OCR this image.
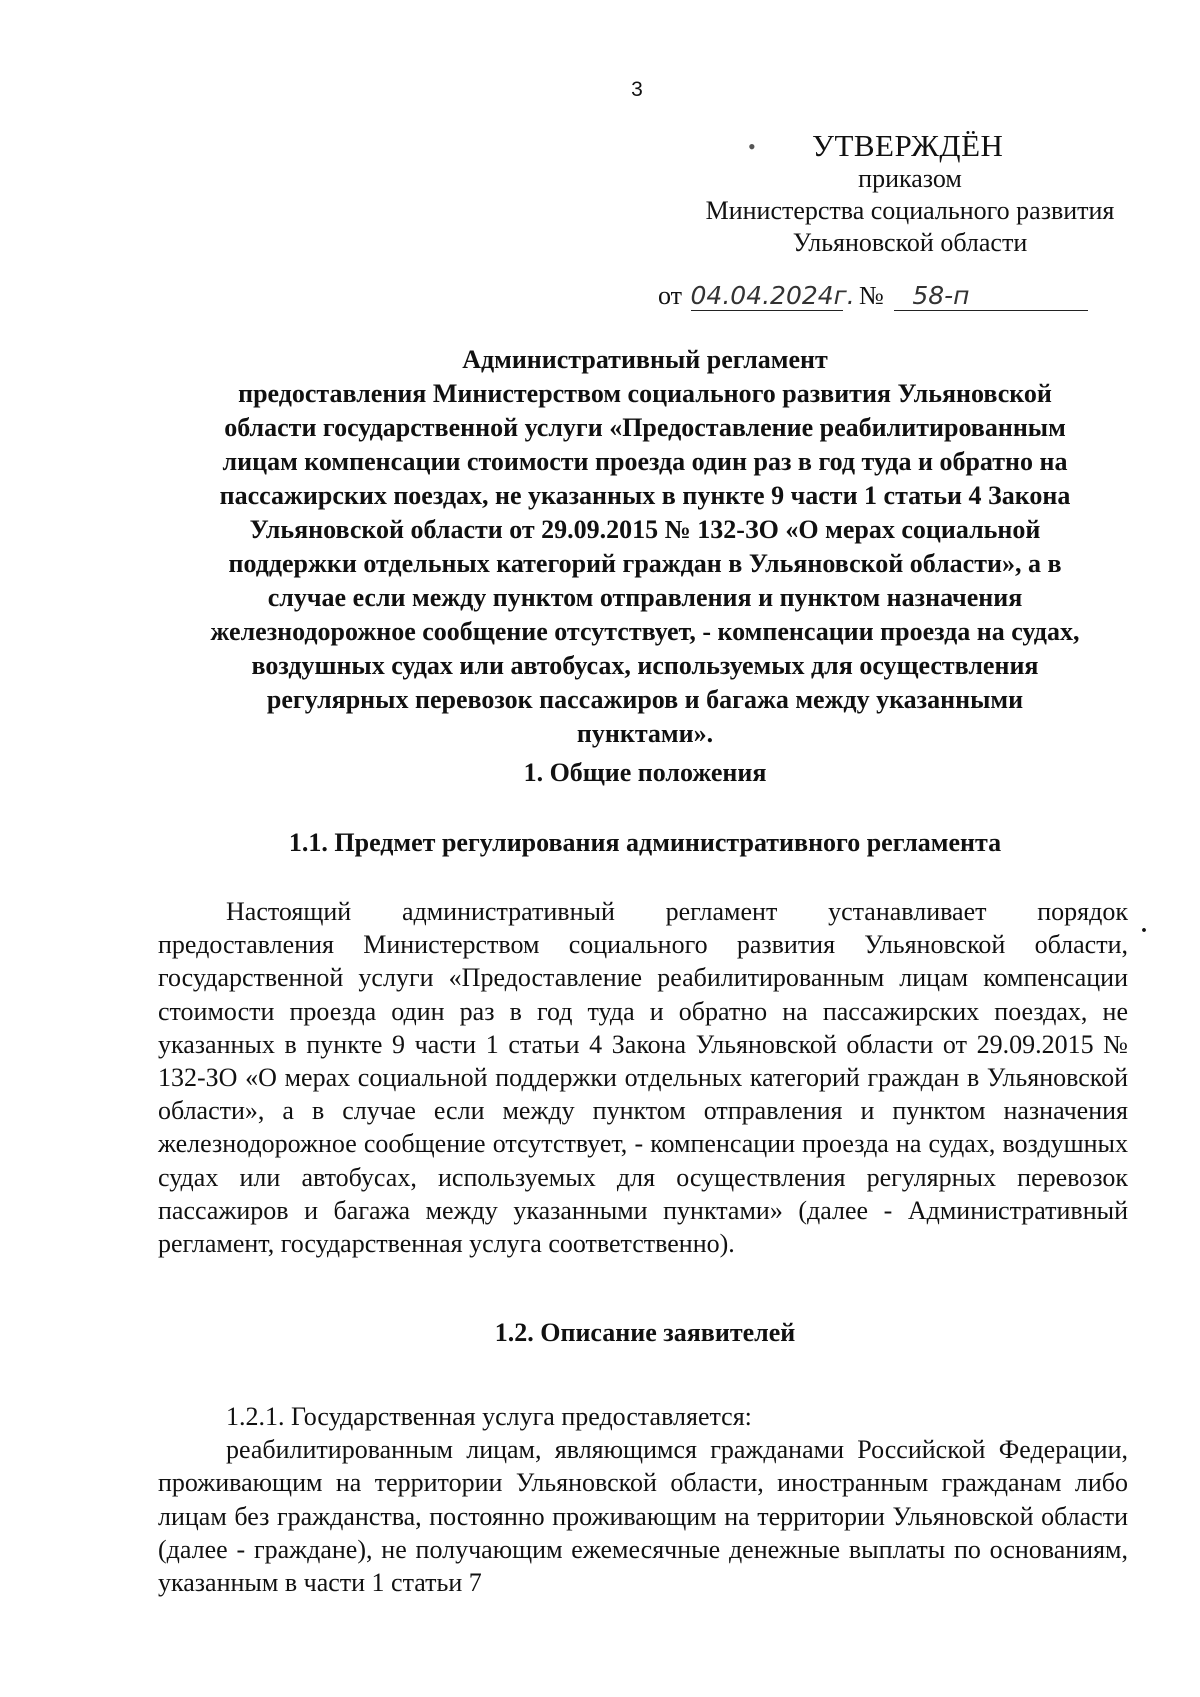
3
• УТВЕРЖДЁН
приказом
Министерства социального развития
Ульяновской области
от 04.04.2024г. № 58-п
Административный регламент
предоставления Министерством социального развития Ульяновской
области государственной услуги «Предоставление реабилитированным
лицам компенсации стоимости проезда один раз в год туда и обратно на
пассажирских поездах, не указанных в пункте 9 части 1 статьи 4 Закона
Ульяновской области от 29.09.2015 № 132-ЗО «О мерах социальной
поддержки отдельных категорий граждан в Ульяновской области», а в
случае если между пунктом отправления и пунктом назначения
железнодорожное сообщение отсутствует, - компенсации проезда на судах,
воздушных судах или автобусах, используемых для осуществления
регулярных перевозок пассажиров и багажа между указанными
пунктами».
1. Общие положения
1.1. Предмет регулирования административного регламента

Настоящий административный регламент устанавливает порядок предоставления Министерством социального развития Ульяновской области, государственной услуги «Предоставление реабилитированным лицам компенсации стоимости проезда один раз в год туда и обратно на пассажирских поездах, не указанных в пункте 9 части 1 статьи 4 Закона Ульяновской области от 29.09.2015 № 132-ЗО «О мерах социальной поддержки отдельных категорий граждан в Ульяновской области», а в случае если между пунктом отправления и пунктом назначения железнодорожное сообщение отсутствует, - компенсации проезда на судах, воздушных судах или автобусах, используемых для осуществления регулярных перевозок пассажиров и багажа между указанными пунктами» (далее - Административный регламент, государственная услуга соответственно).

.
1.2. Описание заявителей

1.2.1. Государственная услуга предоставляется:

реабилитированным лицам, являющимся гражданами Российской Федерации, проживающим на территории Ульяновской области, иностранным гражданам либо лицам без гражданства, постоянно проживающим на территории Ульяновской области (далее - граждане), не получающим ежемесячные денежные выплаты по основаниям, указанным в части 1 статьи 7
